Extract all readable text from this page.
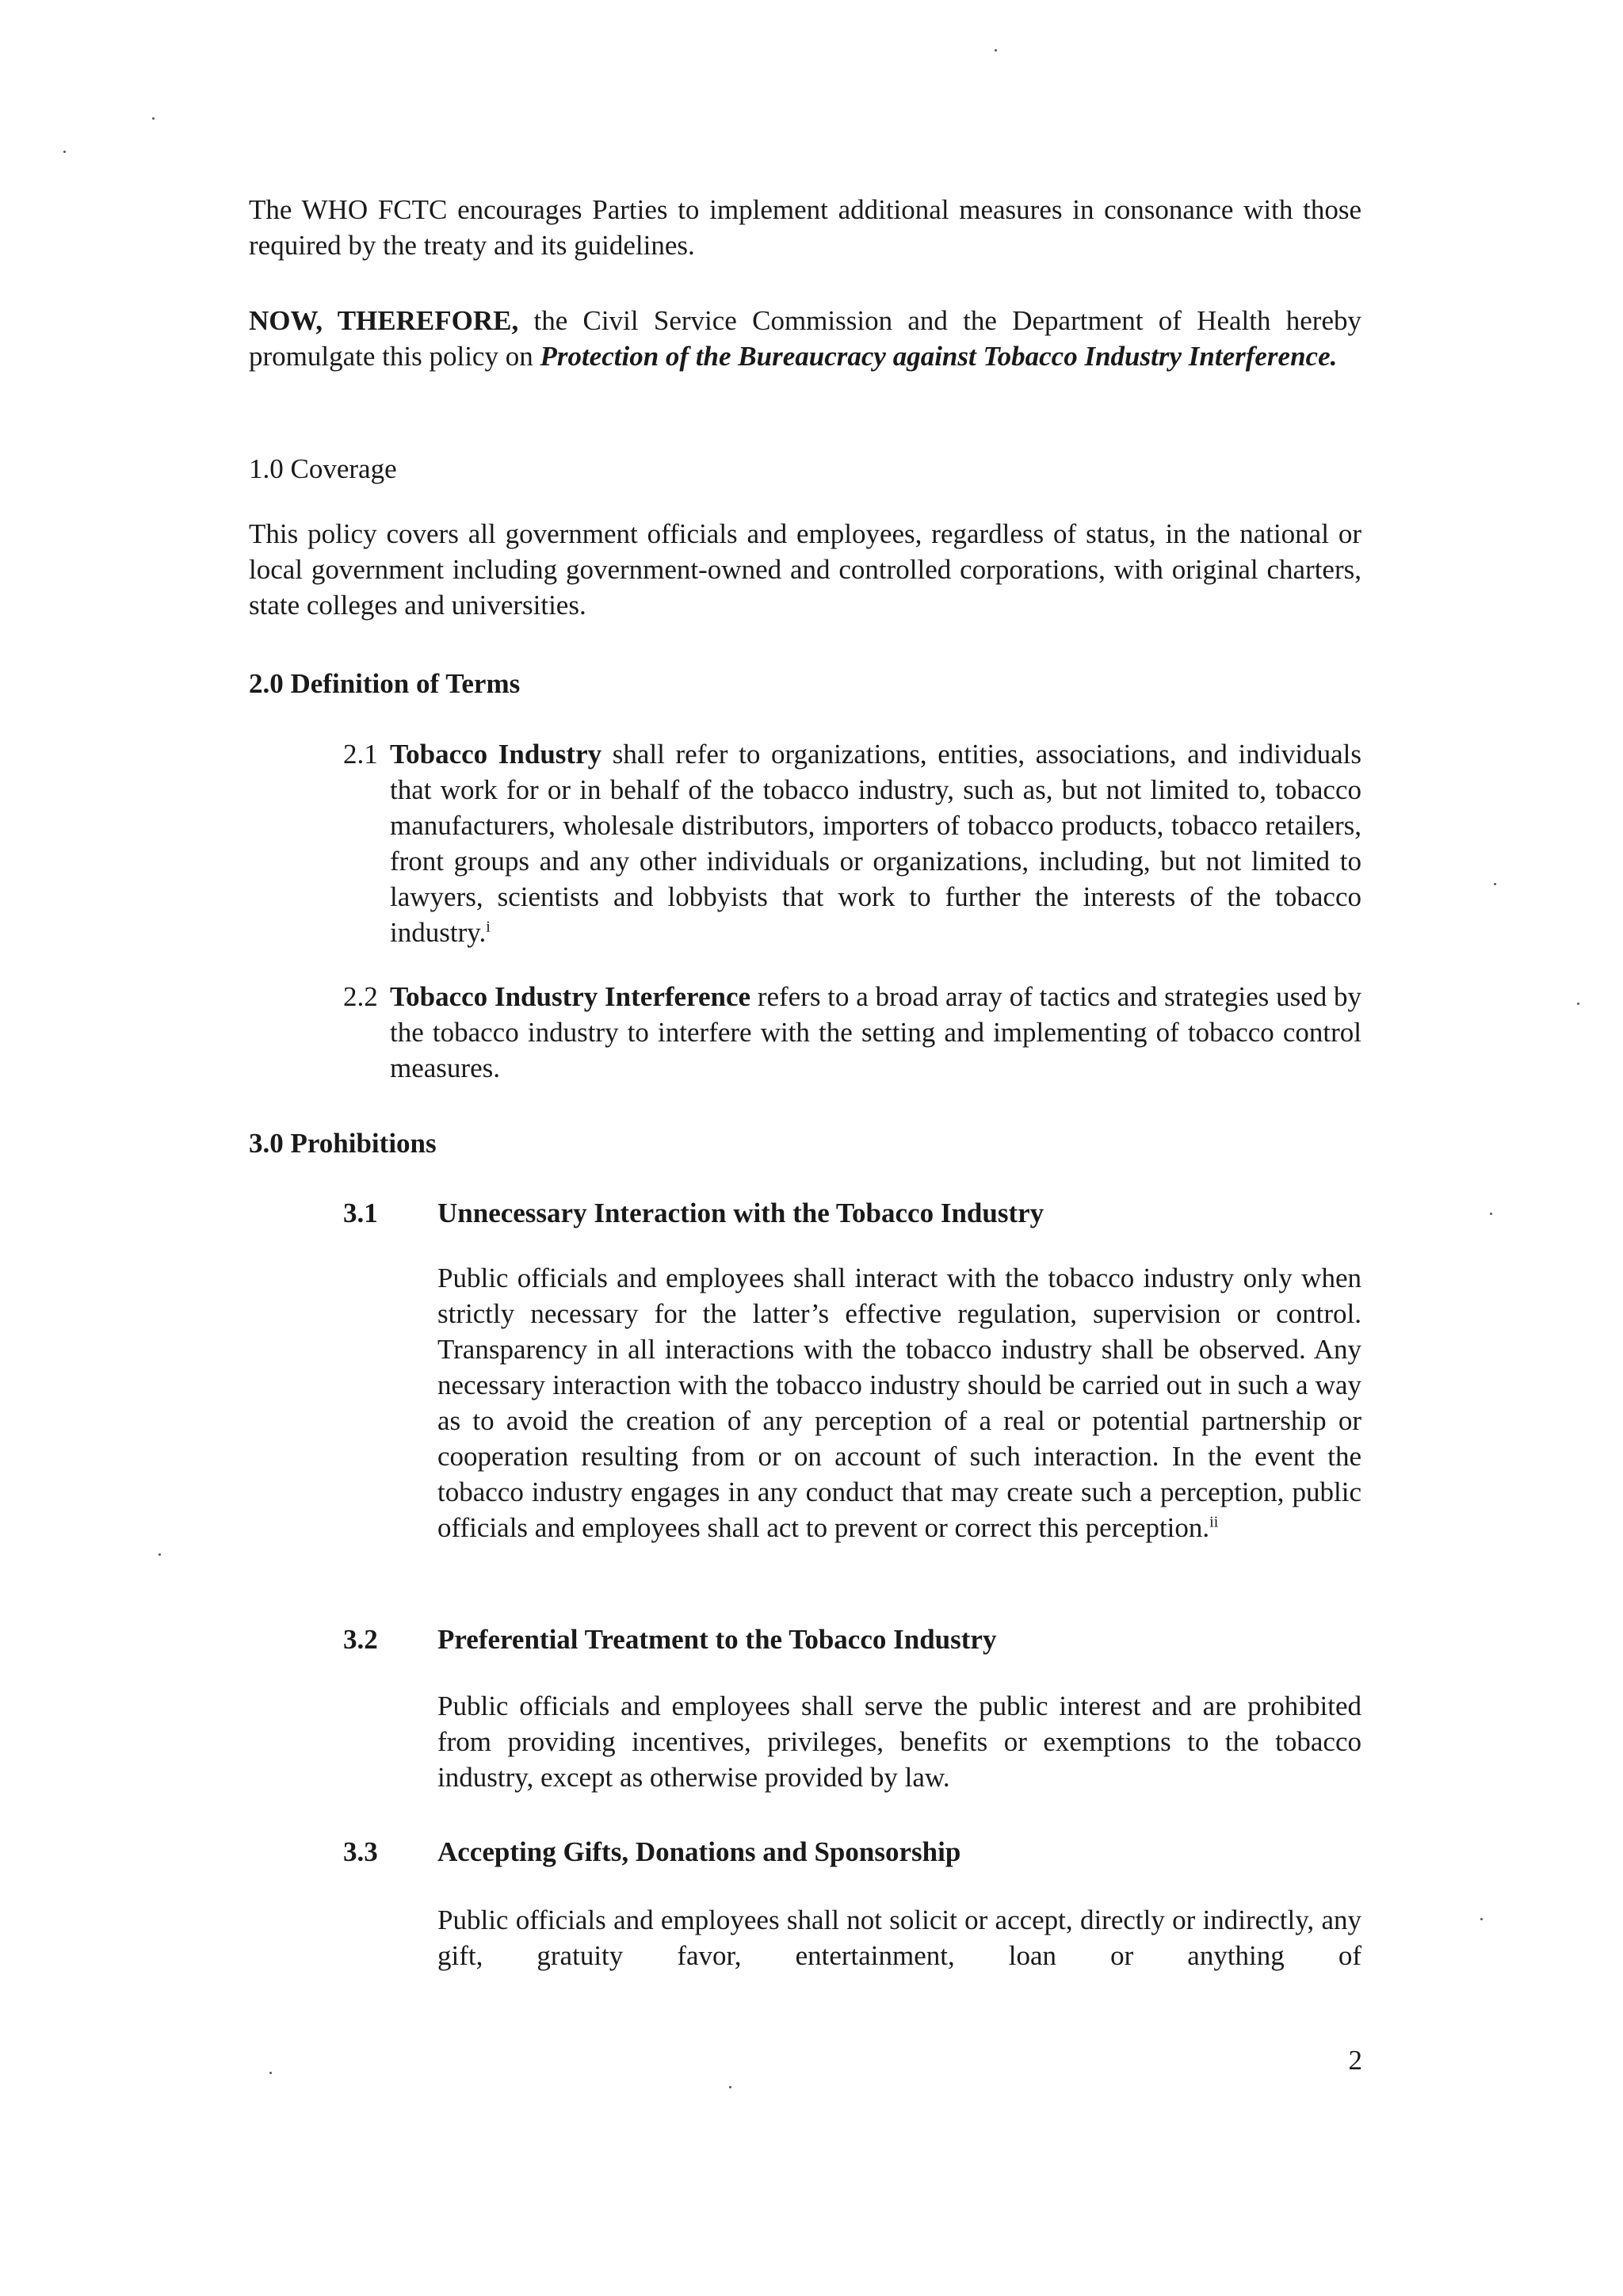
The WHO FCTC encourages Parties to implement additional measures in consonance with those required by the treaty and its guidelines.

NOW, THEREFORE, the Civil Service Commission and the Department of Health hereby promulgate this policy on Protection of the Bureaucracy against Tobacco Industry Interference.

1.0 Coverage

This policy covers all government officials and employees, regardless of status, in the national or local government including government-owned and controlled corporations, with original charters, state colleges and universities.

2.0 Definition of Terms
2.1 Tobacco Industry shall refer to organizations, entities, associations, and individuals that work for or in behalf of the tobacco industry, such as, but not limited to, tobacco manufacturers, wholesale distributors, importers of tobacco products, tobacco retailers, front groups and any other individuals or organizations, including, but not limited to lawyers, scientists and lobbyists that work to further the interests of the tobacco industry.$^i$

2.2 Tobacco Industry Interference refers to a broad array of tactics and strategies used by the tobacco industry to interfere with the setting and implementing of tobacco control measures.

3.0 Prohibitions
3.1 Unnecessary Interaction with the Tobacco Industry

Public officials and employees shall interact with the tobacco industry only when strictly necessary for the latter’s effective regulation, supervision or control. Transparency in all interactions with the tobacco industry shall be observed. Any necessary interaction with the tobacco industry should be carried out in such a way as to avoid the creation of any perception of a real or potential partnership or cooperation resulting from or on account of such interaction. In the event the tobacco industry engages in any conduct that may create such a perception, public officials and employees shall act to prevent or correct this perception.$^{ii}$

3.2 Preferential Treatment to the Tobacco Industry

Public officials and employees shall serve the public interest and are prohibited from providing incentives, privileges, benefits or exemptions to the tobacco industry, except as otherwise provided by law.

3.3 Accepting Gifts, Donations and Sponsorship

Public officials and employees shall not solicit or accept, directly or indirectly, any gift, gratuity favor, entertainment, loan or anything of

2
